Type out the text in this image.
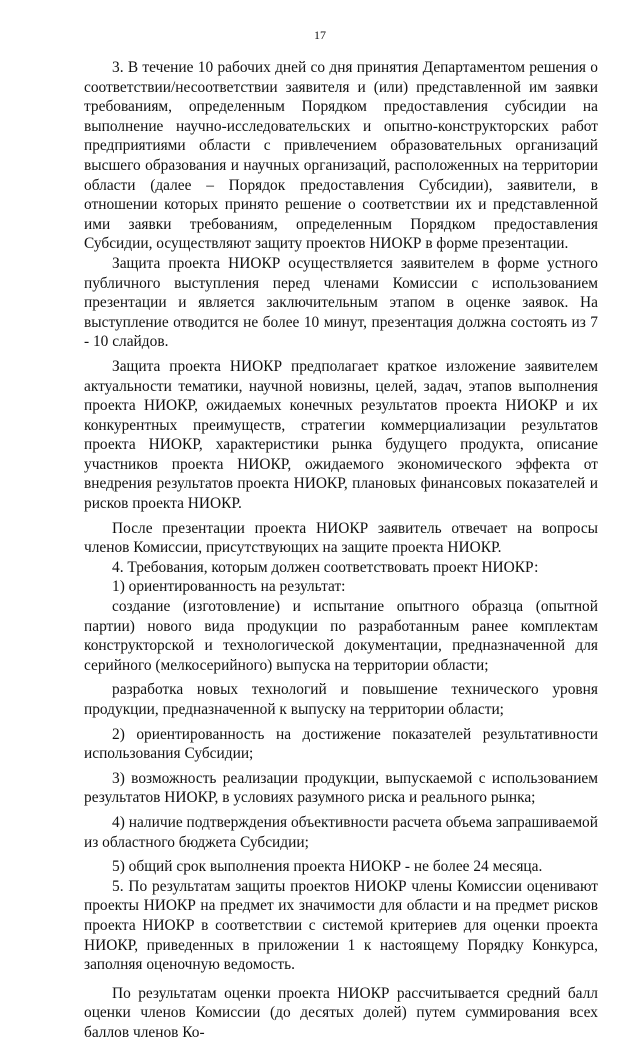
17

3. В течение 10 рабочих дней со дня принятия Департаментом решения о соответствии/несоответствии заявителя и (или) представленной им заявки требованиям, определенным Порядком предоставления субсидии на выполнение научно-исследовательских и опытно-конструкторских работ предприятиями области с привлечением образовательных организаций высшего образования и научных организаций, расположенных на территории области (далее – Порядок предоставления Субсидии), заявители, в отношении которых принято решение о соответствии их и представленной ими заявки требованиям, определенным Порядком предоставления Субсидии, осуществляют защиту проектов НИОКР в форме презентации.

Защита проекта НИОКР осуществляется заявителем в форме устного публичного выступления перед членами Комиссии с использованием презентации и является заключительным этапом в оценке заявок. На выступление отводится не более 10 минут, презентация должна состоять из 7 - 10 слайдов.

Защита проекта НИОКР предполагает краткое изложение заявителем актуальности тематики, научной новизны, целей, задач, этапов выполнения проекта НИОКР, ожидаемых конечных результатов проекта НИОКР и их конкурентных преимуществ, стратегии коммерциализации результатов проекта НИОКР, характеристики рынка будущего продукта, описание участников проекта НИОКР, ожидаемого экономического эффекта от внедрения результатов проекта НИОКР, плановых финансовых показателей и рисков проекта НИОКР.

После презентации проекта НИОКР заявитель отвечает на вопросы членов Комиссии, присутствующих на защите проекта НИОКР.

4. Требования, которым должен соответствовать проект НИОКР:

1) ориентированность на результат:

создание (изготовление) и испытание опытного образца (опытной партии) нового вида продукции по разработанным ранее комплектам конструкторской и технологической документации, предназначенной для серийного (мелкосерийного) выпуска на территории области;

разработка новых технологий и повышение технического уровня продукции, предназначенной к выпуску на территории области;

2) ориентированность на достижение показателей результативности использования Субсидии;

3) возможность реализации продукции, выпускаемой с использованием результатов НИОКР, в условиях разумного риска и реального рынка;

4) наличие подтверждения объективности расчета объема запрашиваемой из областного бюджета Субсидии;

5) общий срок выполнения проекта НИОКР - не более 24 месяца.

5. По результатам защиты проектов НИОКР члены Комиссии оценивают проекты НИОКР на предмет их значимости для области и на предмет рисков проекта НИОКР в соответствии с системой критериев для оценки проекта НИОКР, приведенных в приложении 1 к настоящему Порядку Конкурса, заполняя оценочную ведомость.

По результатам оценки проекта НИОКР рассчитывается средний балл оценки членов Комиссии (до десятых долей) путем суммирования всех баллов членов Ко-
